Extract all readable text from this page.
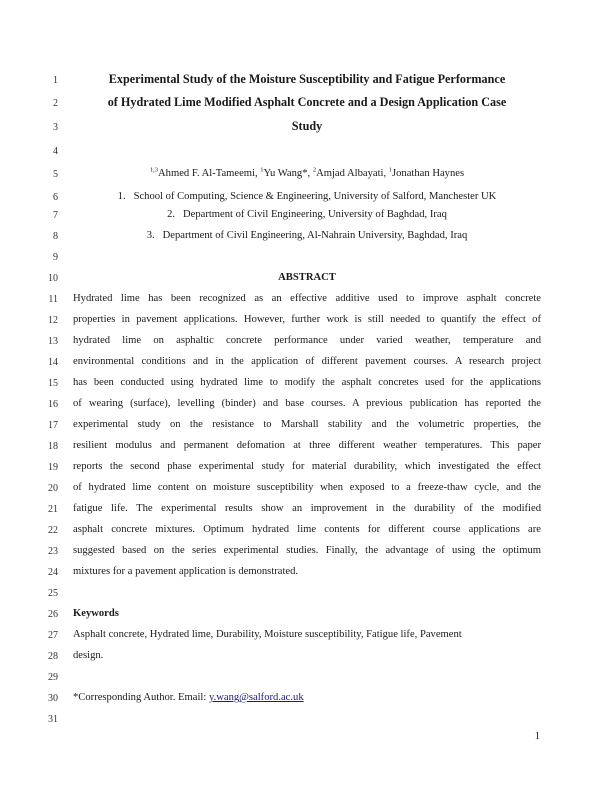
1
2
3
4
5
6
7
8
9
10
11
12
13
14
15
16
17
18
19
20
21
22
23
24
25
26
27
28
29
30
31
Experimental Study of the Moisture Susceptibility and Fatigue Performance
of Hydrated Lime Modified Asphalt Concrete and a Design Application Case
Study
$^{1,3}$Ahmed F. Al-Tameemi, $^1$Yu Wang*, $^2$Amjad Albayati, $^1$Jonathan Haynes
1.   School of Computing, Science & Engineering, University of Salford, Manchester UK
2.   Department of Civil Engineering, University of Baghdad, Iraq
3.   Department of Civil Engineering, Al-Nahrain University, Baghdad, Iraq
ABSTRACT
Hydrated lime has been recognized as an effective additive used to improve asphalt concrete
properties in pavement applications. However, further work is still needed to quantify the effect of
hydrated lime on asphaltic concrete performance under varied weather, temperature and
environmental conditions and in the application of different pavement courses. A research project
has been conducted using hydrated lime to modify the asphalt concretes used for the applications
of wearing (surface), levelling (binder) and base courses. A previous publication has reported the
experimental study on the resistance to Marshall stability and the volumetric properties, the
resilient modulus and permanent defomation at three different weather temperatures. This paper
reports the second phase experimental study for material durability, which investigated the effect
of hydrated lime content on moisture susceptibility when exposed to a freeze-thaw cycle, and the
fatigue life. The experimental results show an improvement in the durability of the modified
asphalt concrete mixtures. Optimum hydrated lime contents for different course applications are
suggested based on the series experimental studies. Finally, the advantage of using the optimum
mixtures for a pavement application is demonstrated.
Keywords
Asphalt concrete, Hydrated lime, Durability, Moisture susceptibility, Fatigue life, Pavement
design.
*Corresponding Author. Email: y.wang@salford.ac.uk
1
